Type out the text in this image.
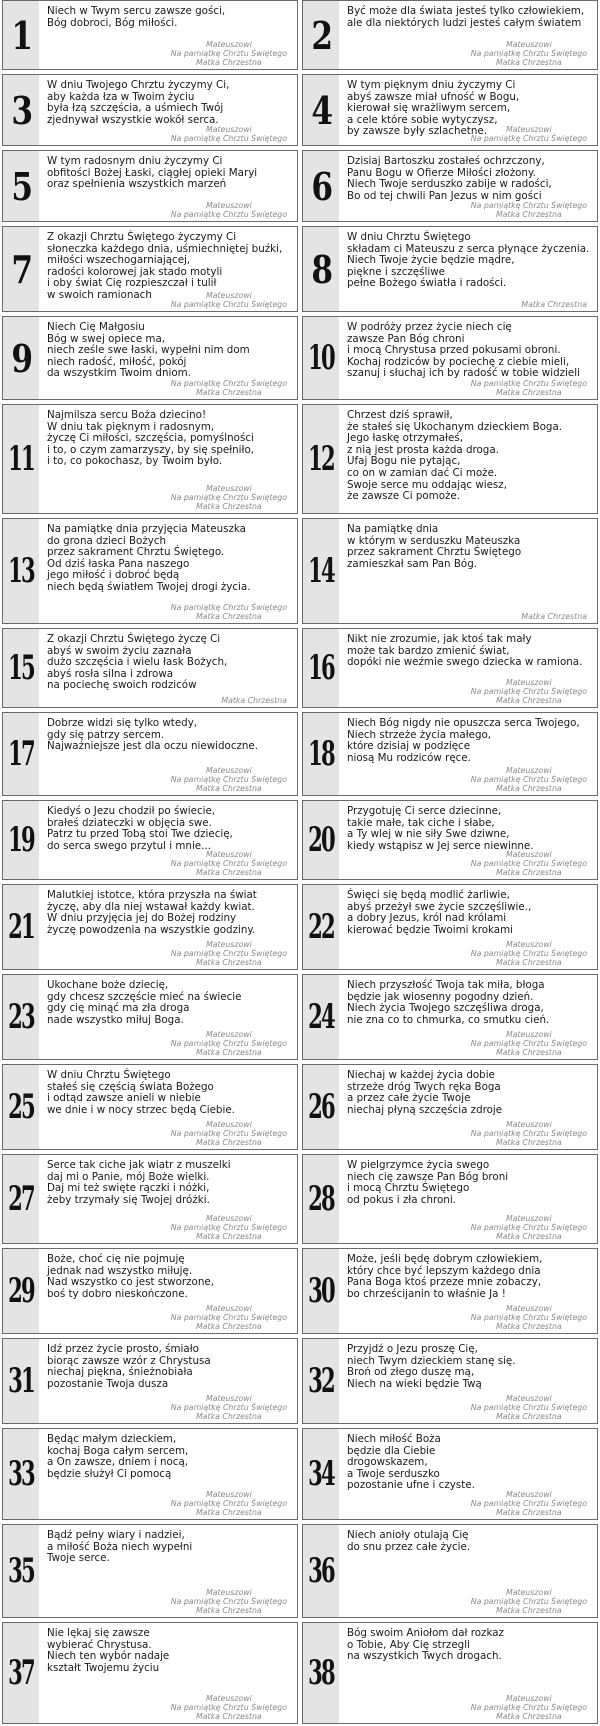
1
Niech w Twym sercu zawsze gości,
Bóg dobroci, Bóg miłości.
Mateuszowi
Na pamiątkę Chrztu Świętego
Matka Chrzestna
2
Być może dla świata jesteś tylko człowiekiem,
ale dla niektórych ludzi jesteś całym światem
Mateuszowi
Na pamiątkę Chrztu Świętego
Matka Chrzestna
3
W dniu Twojego Chrztu życzymy Ci,
aby każda łza w Twoim życiu
była łzą szczęścia, a uśmiech Twój
zjednywał wszystkie wokół serca.
Mateuszowi
Na pamiątkę Chrztu Świętego
4
W tym pięknym dniu życzymy Ci
abyś zawsze miał ufność w Bogu,
kierował się wrażliwym sercem,
a cele które sobie wytyczysz,
by zawsze były szlachetne.	Mateuszowi
Na pamiątkę Chrztu Świętego
5
W tym radosnym dniu życzymy Ci
obfitości Bożej Łaski, ciągłej opieki Maryi
oraz spełnienia wszystkich marzeń
Mateuszowi
Na pamiątkę Chrztu Świętego
6
Dzisiaj Bartoszku zostałeś ochrzczony,
Panu Bogu w Ofierze Miłości złożony.
Niech Twoje serduszko zabije w radości,
Bo od tej chwili Pan Jezus w nim gości
Na pamiątkę Chrztu Świętego
Matka Chrzestna
7
Z okazji Chrztu Świętego życzymy Ci
słoneczka każdego dnia, uśmiechniętej buźki,
miłości wszechogarniającej,
radości kolorowej jak stado motyli
i oby świat Cię rozpieszczał i tulił
w swoich ramionach	Mateuszowi
Na pamiątkę Chrztu Świętego
8
W dniu Chrztu Świętego
składam ci Mateuszu z serca płynące życzenia.
Niech Twoje życie będzie mądre,
piękne i szczęśliwe
pełne Bożego światła i radości.
Matka Chrzestna
9
Niech Cię Małgosiu
Bóg w swej opiece ma,
niech ześle swe łaski, wypełni nim dom
niech radość, miłość, pokój
da wszystkim Twoim dniom.
Na pamiątkę Chrztu Świętego
Matka Chrzestna
10
W podróży przez życie niech cię
zawsze Pan Bóg chroni
i mocą Chrystusa przed pokusami obroni.
Kochaj rodziców by pociechę z ciebie mieli,
szanuj i słuchaj ich by radość w tobie widzieli
Na pamiątkę Chrztu Świętego
Matka Chrzestna
11
Najmilsza sercu Boża dziecino!
W dniu tak pięknym i radosnym,
życzę Ci miłości, szczęścia, pomyślności
i to, o czym zamarzyszy, by się spełniło,
i to, co pokochasz, by Twoim było.
Mateuszowi
Na pamiątkę Chrztu Świętego
Matka Chrzestna
12
Chrzest dziś sprawił,
że stałeś się Ukochanym dzieckiem Boga.
Jego łaskę otrzymałeś,
z nią jest prosta każda droga.
Ufaj Bogu nie pytając,
co on w zamian dać Ci może.
Swoje serce mu oddając wiesz,
że zawsze Ci pomoże.
13
Na pamiątkę dnia przyjęcia Mateuszka
do grona dzieci Bożych
przez sakrament Chrztu Świętego.
Od dziś łaska Pana naszego
jego miłość i dobroć będą
niech będą światłem Twojej drogi życia.
Na pamiątkę Chrztu Świętego
Matka Chrzestna
14
Na pamiątkę dnia
w którym w serduszku Mateuszka
przez sakrament Chrztu Świętego
zamieszkał sam Pan Bóg.
Matka Chrzestna
15
Z okazji Chrztu Świętego życzę Ci
abyś w swoim życiu zaznała
dużo szczęścia i wielu łask Bożych,
abyś rosła silna i zdrowa
na pociechę swoich rodziców
Matka Chrzestna
16
Nikt nie zrozumie, jak ktoś tak mały
może tak bardzo zmienić świat,
dopóki nie weźmie swego dziecka w ramiona.
Mateuszowi
Na pamiątkę Chrztu Świętego
Matka Chrzestna
17
Dobrze widzi się tylko wtedy,
gdy się patrzy sercem.
Najważniejsze jest dla oczu niewidoczne.
Mateuszowi
Na pamiątkę Chrztu Świętego
Matka Chrzestna
18
Niech Bóg nigdy nie opuszcza serca Twojego,
Niech strzeże życia małego,
które dzisiaj w podzięce
niosą Mu rodziców ręce.
Mateuszowi
Na pamiątkę Chrztu Świętego
Matka Chrzestna
19
Kiedyś o Jezu chodził po świecie,
brałeś dziateczki w objęcia swe.
Patrz tu przed Tobą stoi Twe dziecię,
do serca swego przytul i mnie...
Mateuszowi
Na pamiątkę Chrztu Świętego
Matka Chrzestna
20
Przygotuję Ci serce dziecinne,
takie małe, tak ciche i słabe,
a Ty wlej w nie siły Swe dziwne,
kiedy wstąpisz w Jej serce niewinne.
Mateuszowi
Na pamiątkę Chrztu Świętego
Matka Chrzestna
21
Malutkiej istotce, która przyszła na świat
życzę, aby dla niej wstawał każdy kwiat.
W dniu przyjęcia jej do Bożej rodziny
życzę powodzenia na wszystkie godziny.
Mateuszowi
Na pamiątkę Chrztu Świętego
Matka Chrzestna
22
Święci się będą modlić żarliwie,
abyś przeżył swe życie szczęśliwie.,
a dobry Jezus, król nad królami
kierować będzie Twoimi krokami
Mateuszowi
Na pamiątkę Chrztu Świętego
Matka Chrzestna
23
Ukochane boże dziecię,
gdy chcesz szczęście mieć na świecie
gdy cię minąć ma zła droga
nade wszystko miłuj Boga.
Mateuszowi
Na pamiątkę Chrztu Świętego
Matka Chrzestna
24
Niech przyszłość Twoja tak miła, błoga
będzie jak wiosenny pogodny dzień.
Niech życia Twojego szczęśliwa droga,
nie zna co to chmurka, co smutku cień.
Mateuszowi
Na pamiątkę Chrztu Świętego
Matka Chrzestna
25
W dniu Chrztu Świętego
stałeś się częścią świata Bożego
i odtąd zawsze anieli w niebie
we dnie i w nocy strzec będą Ciebie.
Mateuszowi
Na pamiątkę Chrztu Świętego
Matka Chrzestna
26
Niechaj w każdej życia dobie
strzeże dróg Twych ręka Boga
a przez całe życie Twoje
niechaj płyną szczęścia zdroje
Mateuszowi
Na pamiątkę Chrztu Świętego
Matka Chrzestna
27
Serce tak ciche jak wiatr z muszelki
daj mi o Panie, mój Boże wielki.
Daj mi też swięte rączki i nóżki,
żeby trzymały się Twojej dróżki.
Mateuszowi
Na pamiątkę Chrztu Świętego
Matka Chrzestna
28
W pielgrzymce życia swego
niech cię zawsze Pan Bóg broni
i mocą Chrztu Świętego
od pokus i zła chroni.
Mateuszowi
Na pamiątkę Chrztu Świętego
Matka Chrzestna
29
Boże, choć cię nie pojmuję
jednak nad wszystko miłuję.
Nad wszystko co jest stworzone,
boś ty dobro nieskończone.
Mateuszowi
Na pamiątkę Chrztu Świętego
Matka Chrzestna
30
Może, jeśli będę dobrym człowiekiem,
który chce być lepszym każdego dnia
Pana Boga ktoś przeze mnie zobaczy,
bo chrześcijanin to właśnie Ja !
Mateuszowi
Na pamiątkę Chrztu Świętego
Matka Chrzestna
31
Idź przez życie prosto, śmiało
biorąc zawsze wzór z Chrystusa
niechaj piękna, śnieżnobiała
pozostanie Twoja dusza
Mateuszowi
Na pamiątkę Chrztu Świętego
Matka Chrzestna
32
Przyjdź o Jezu proszę Cię,
niech Twym dzieckiem stanę się.
Broń od złego duszę mą,
Niech na wieki będzie Twą
Mateuszowi
Na pamiątkę Chrztu Świętego
Matka Chrzestna
33
Będąc małym dzieckiem,
kochaj Boga całym sercem,
a On zawsze, dniem i nocą,
będzie służył Ci pomocą
Mateuszowi
Na pamiątkę Chrztu Świętego
Matka Chrzestna
34
Niech miłość Boża
będzie dla Ciebie
drogowskazem,
a Twoje serduszko
pozostanie ufne i czyste.
Mateuszowi
Na pamiątkę Chrztu Świętego
Matka Chrzestna
35
Bądź pełny wiary i nadziei,
a miłość Boża niech wypełni
Twoje serce.
Mateuszowi
Na pamiątkę Chrztu Świętego
Matka Chrzestna
36
Niech anioły otulają Cię
do snu przez całe życie.
Mateuszowi
Na pamiątkę Chrztu Świętego
Matka Chrzestna
37
Nie lękaj się zawsze
wybierać Chrystusa.
Niech ten wybór nadaje
kształt Twojemu życiu
Mateuszowi
Na pamiątkę Chrztu Świętego
Matka Chrzestna
38
Bóg swoim Aniołom dał rozkaz
o Tobie, Aby Cię strzegli
na wszystkich Twych drogach.
Mateuszowi
Na pamiątkę Chrztu Świętego
Matka Chrzestna
